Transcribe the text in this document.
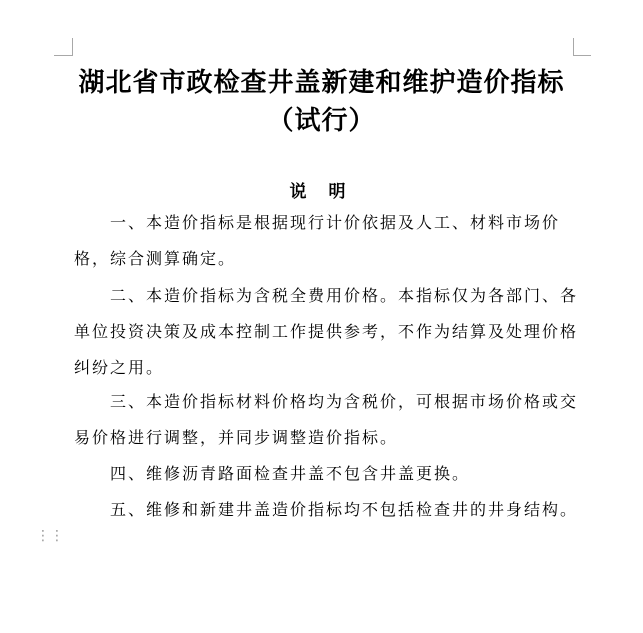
湖北省市政检查井盖新建和维护造价指标
（试行）
说 明
一、本造价指标是根据现行计价依据及人工、材料市场价格，综合测算确定。
二、本造价指标为含税全费用价格。本指标仅为各部门、各单位投资决策及成本控制工作提供参考，不作为结算及处理价格纠纷之用。
三、本造价指标材料价格均为含税价，可根据市场价格或交易价格进行调整，并同步调整造价指标。
四、维修沥青路面检查井盖不包含井盖更换。
五、维修和新建井盖造价指标均不包括检查井的井身结构。
⋮⋮
